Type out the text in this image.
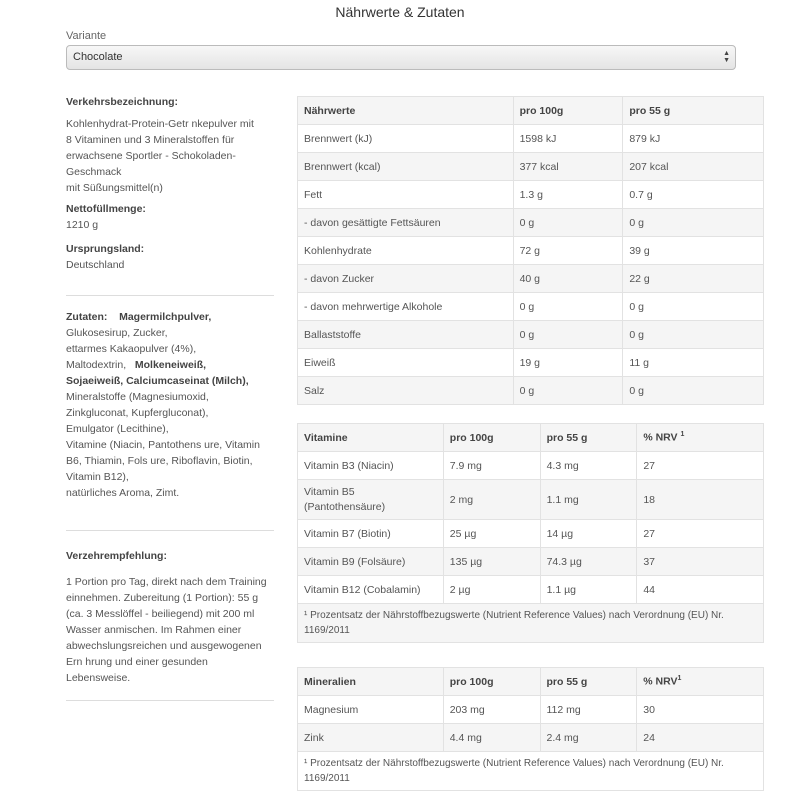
Nährwerte & Zutaten
Variante
Chocolate	▲
▼
Verkehrsbezeichnung:
Kohlenhydrat-Protein-Getr nkepulver mit
8 Vitaminen und 3 Mineralstoffen für
erwachsene Sportler - Schokoladen-
Geschmack
mit Süßungsmittel(n)
Nettofüllmenge:
1210 g
Ursprungsland:
Deutschland
Zutaten: Magermilchpulver,
Glukosesirup, Zucker,
ettarmes Kakaopulver (4%),
Maltodextrin, Molkeneiweiß,
Sojaeiweiß, Calciumcaseinat (Milch),
Mineralstoffe (Magnesiumoxid,
Zinkgluconat, Kupfergluconat),
Emulgator (Lecithine),
Vitamine (Niacin, Pantothens ure, Vitamin
B6, Thiamin, Fols ure, Riboflavin, Biotin,
Vitamin B12),
natürliches Aroma, Zimt.
Verzehrempfehlung:
1 Portion pro Tag, direkt nach dem Training
einnehmen. Zubereitung (1 Portion): 55 g
(ca. 3 Messlöffel - beiliegend) mit 200 ml
Wasser anmischen. Im Rahmen einer
abwechslungsreichen und ausgewogenen
Ern hrung und einer gesunden
Lebensweise.
Nährwerte	pro 100g	pro 55 g
Brennwert (kJ)	1598 kJ	879 kJ
Brennwert (kcal)	377 kcal	207 kcal
Fett	1.3 g	0.7 g
- davon gesättigte Fettsäuren	0 g	0 g
Kohlenhydrate	72 g	39 g
- davon Zucker	40 g	22 g
- davon mehrwertige Alkohole	0 g	0 g
Ballaststoffe	0 g	0 g
Eiweiß	19 g	11 g
Salz	0 g	0 g
Vitamine	pro 100g	pro 55 g	% NRV $^1$
Vitamin B3 (Niacin)	7.9 mg	4.3 mg	27
Vitamin B5 (Pantothensäure)	2 mg	1.1 mg	18
Vitamin B7 (Biotin)	25 µg	14 µg	27
Vitamin B9 (Folsäure)	135 µg	74.3 µg	37
Vitamin B12 (Cobalamin)	2 µg	1.1 µg	44
¹ Prozentsatz der Nährstoffbezugswerte (Nutrient Reference Values) nach Verordnung (EU) Nr. 1169/2011			
Mineralien	pro 100g	pro 55 g	% NRV$^1$
Magnesium	203 mg	112 mg	30
Zink	4.4 mg	2.4 mg	24
¹ Prozentsatz der Nährstoffbezugswerte (Nutrient Reference Values) nach Verordnung (EU) Nr. 1169/2011			
